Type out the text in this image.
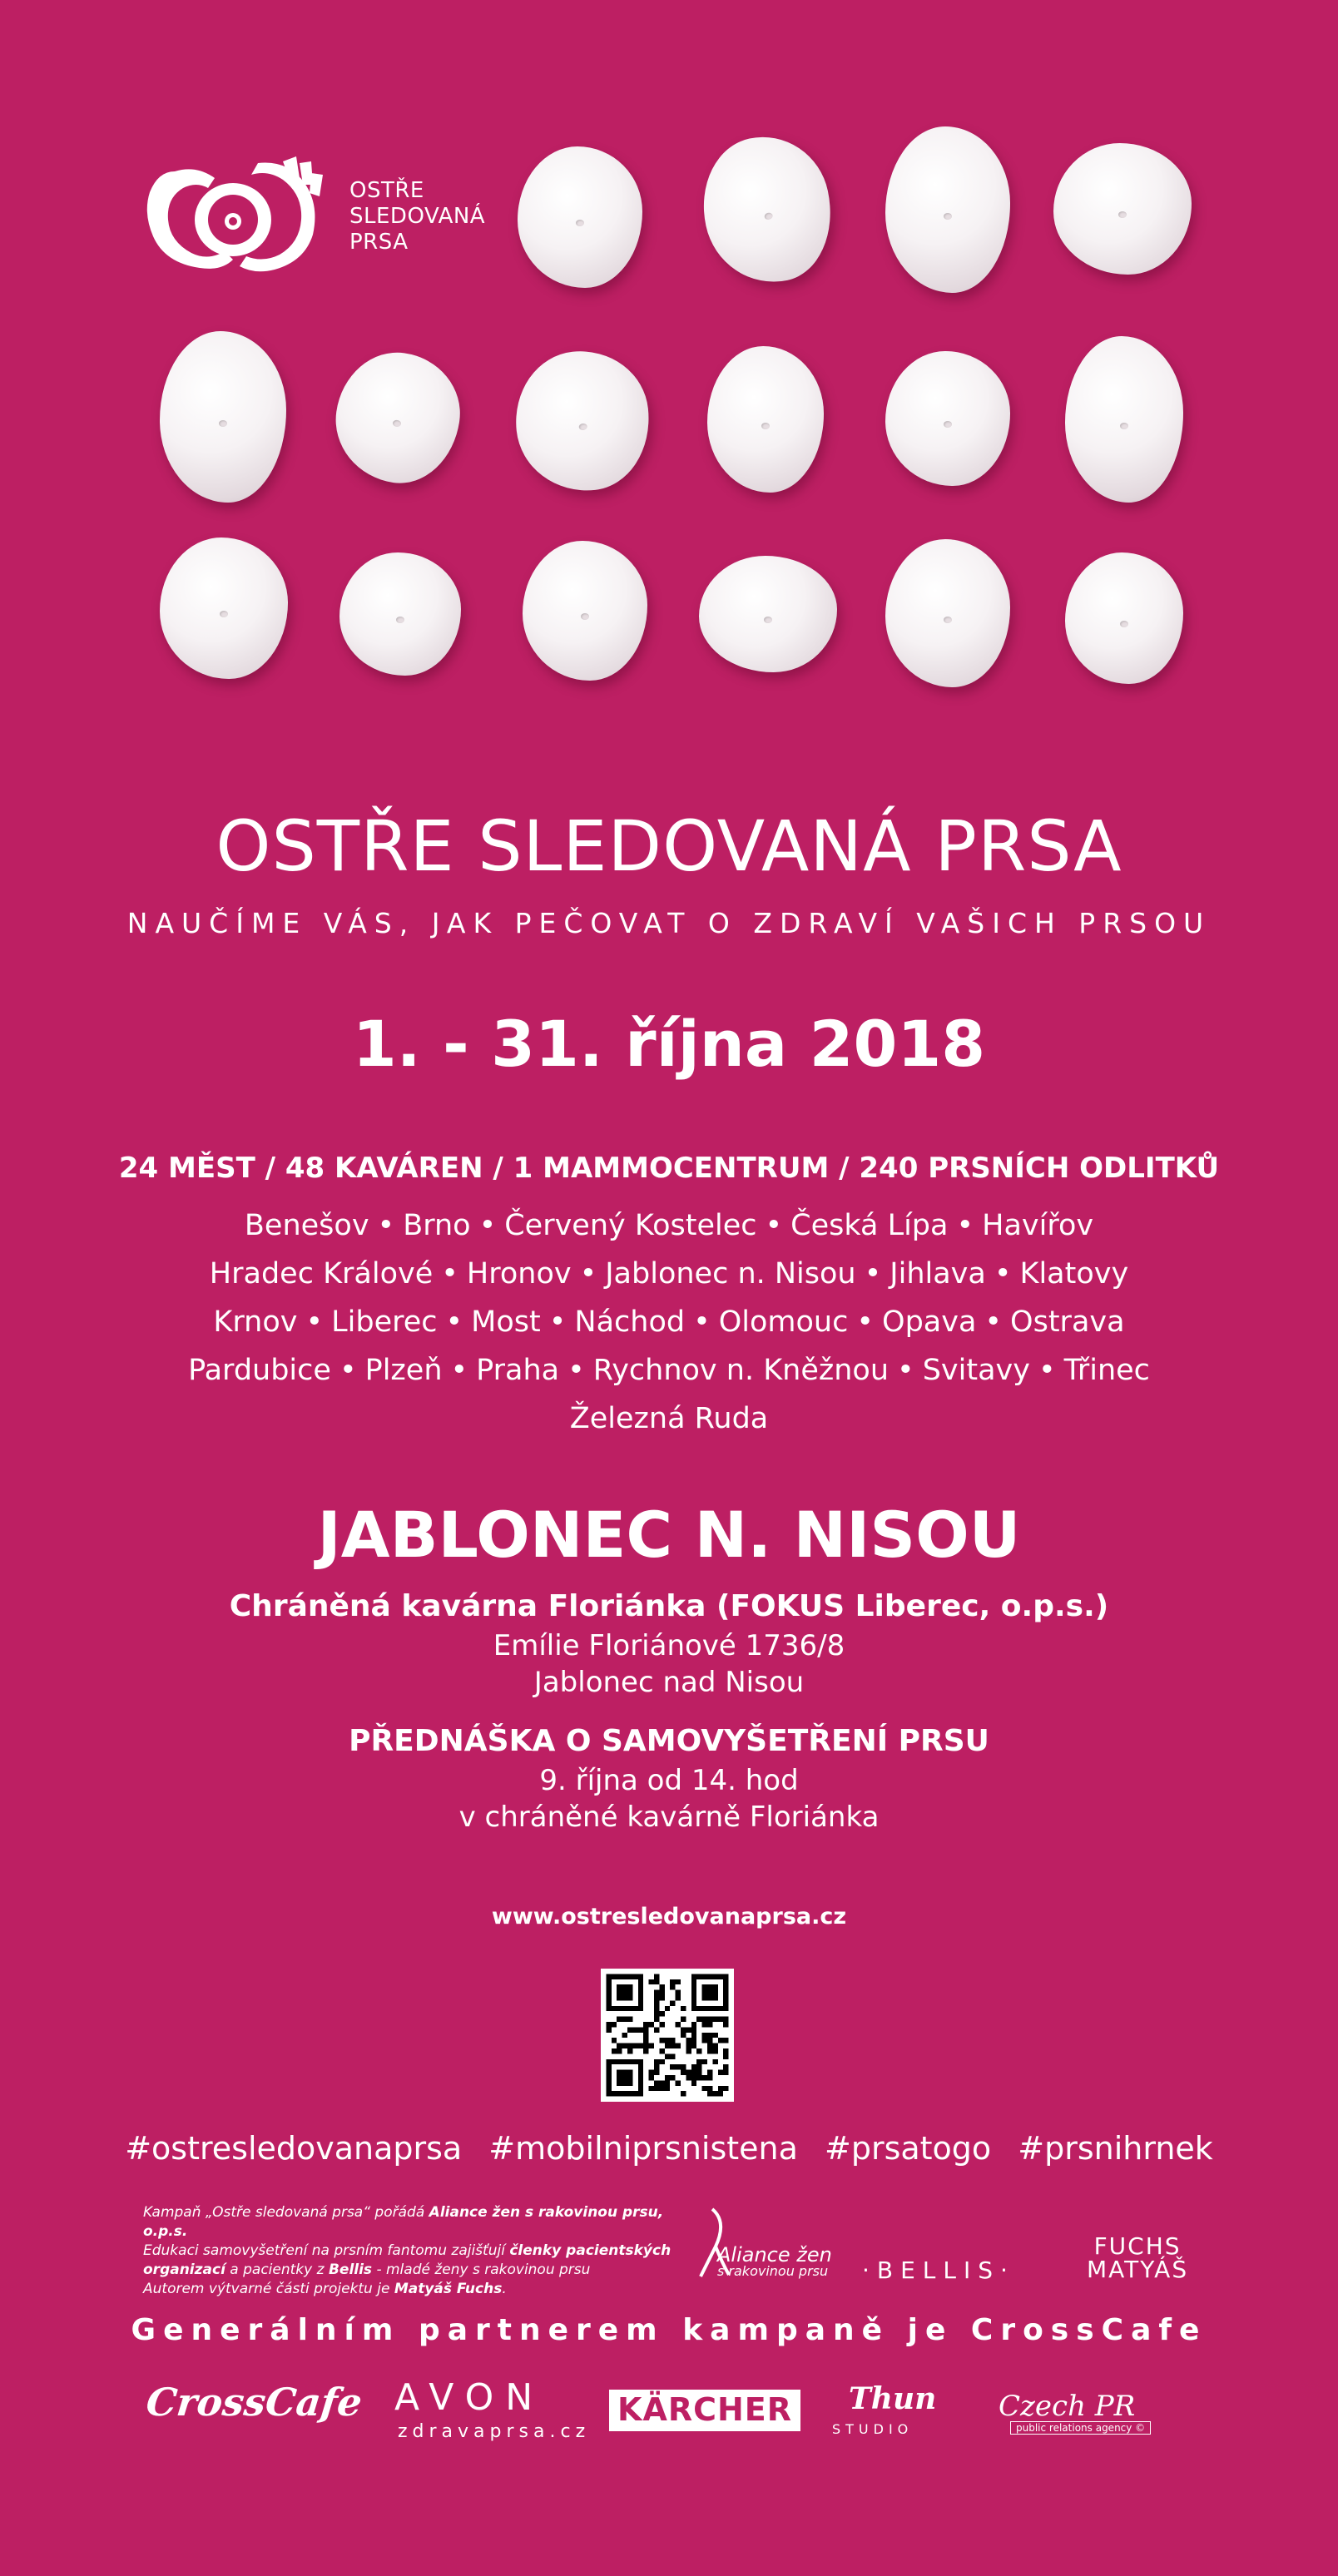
OSTŘE
SLEDOVANÁ
PRSA
OSTŘE SLEDOVANÁ PRSA
NAUČÍME VÁS, JAK PEČOVAT O ZDRAVÍ VAŠICH PRSOU
1. - 31. října 2018
24 MĚST / 48 KAVÁREN / 1 MAMMOCENTRUM / 240 PRSNÍCH ODLITKŮ
Benešov • Brno • Červený Kostelec • Česká Lípa • Havířov
Hradec Králové • Hronov • Jablonec n. Nisou • Jihlava • Klatovy
Krnov • Liberec • Most • Náchod • Olomouc • Opava • Ostrava
Pardubice • Plzeň • Praha • Rychnov n. Kněžnou • Svitavy • Třinec
Železná Ruda
JABLONEC N. NISOU
Chráněná kavárna Floriánka (FOKUS Liberec, o.p.s.)
Emílie Floriánové 1736/8
Jablonec nad Nisou
PŘEDNÁŠKA O SAMOVYŠETŘENÍ PRSU
9. října od 14. hod
v chráněné kavárně Floriánka
www.ostresledovanaprsa.cz
#ostresledovanaprsa #mobilniprsnistena #prsatogo #prsnihrnek
Kampaň „Ostře sledovaná prsa“ pořádá Aliance žen s rakovinou prsu, o.p.s.
Edukaci samovyšetření na prsním fantomu zajišťují členky pacientských
organizací a pacientky z Bellis - mladé ženy s rakovinou prsu
Autorem výtvarné části projektu je Matyáš Fuchs.
Aliance žen
s rakovinou prsu ·BELLIS·
FUCHS
MATYÁŠ
Generálním partnerem kampaně je CrossCafe
CrossCafe AVON
zdravaprsa.cz
KÄRCHER Thun
STUDIO
Czech PR
public relations agency ©
